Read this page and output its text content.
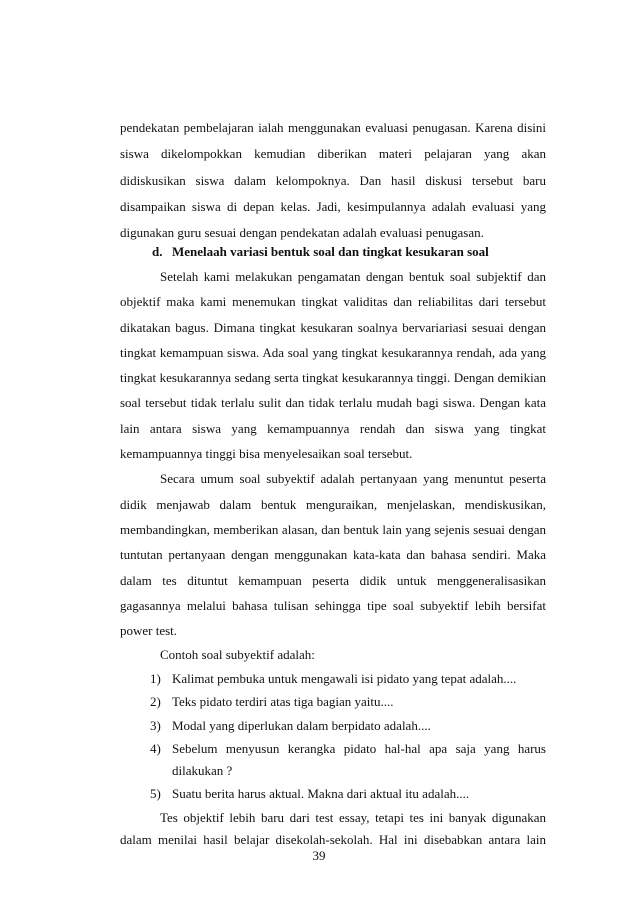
pendekatan pembelajaran ialah menggunakan evaluasi penugasan. Karena disini
siswa dikelompokkan kemudian diberikan materi pelajaran yang akan
didiskusikan siswa dalam kelompoknya. Dan hasil diskusi tersebut baru
disampaikan siswa di depan kelas. Jadi, kesimpulannya adalah evaluasi yang
digunakan guru sesuai dengan pendekatan adalah evaluasi penugasan.
d. Menelaah variasi bentuk soal dan tingkat kesukaran soal
Setelah kami melakukan pengamatan dengan bentuk soal subjektif dan
objektif maka kami menemukan tingkat validitas dan reliabilitas dari tersebut
dikatakan bagus. Dimana tingkat kesukaran soalnya bervariariasi sesuai dengan
tingkat kemampuan siswa. Ada soal yang tingkat kesukarannya rendah, ada yang
tingkat kesukarannya sedang serta tingkat kesukarannya tinggi. Dengan demikian
soal tersebut tidak terlalu sulit dan tidak terlalu mudah bagi siswa. Dengan kata
lain antara siswa yang kemampuannya rendah dan siswa yang tingkat
kemampuannya tinggi bisa menyelesaikan soal tersebut.
Secara umum soal subyektif adalah pertanyaan yang menuntut peserta
didik menjawab dalam bentuk menguraikan, menjelaskan, mendiskusikan,
membandingkan, memberikan alasan, dan bentuk lain yang sejenis sesuai dengan
tuntutan pertanyaan dengan menggunakan kata-kata dan bahasa sendiri. Maka
dalam tes dituntut kemampuan peserta didik untuk menggeneralisasikan
gagasannya melalui bahasa tulisan sehingga tipe soal subyektif lebih bersifat
power test.
Contoh soal subyektif adalah:
1) Kalimat pembuka untuk mengawali isi pidato yang tepat adalah....
2) Teks pidato terdiri atas tiga bagian yaitu....
3) Modal yang diperlukan dalam berpidato adalah....
4) Sebelum menyusun kerangka pidato hal-hal apa saja yang harus
dilakukan ?
5) Suatu berita harus aktual. Makna dari aktual itu adalah....
Tes objektif lebih baru dari test essay, tetapi tes ini banyak digunakan
dalam menilai hasil belajar disekolah-sekolah. Hal ini disebabkan antara lain
39
